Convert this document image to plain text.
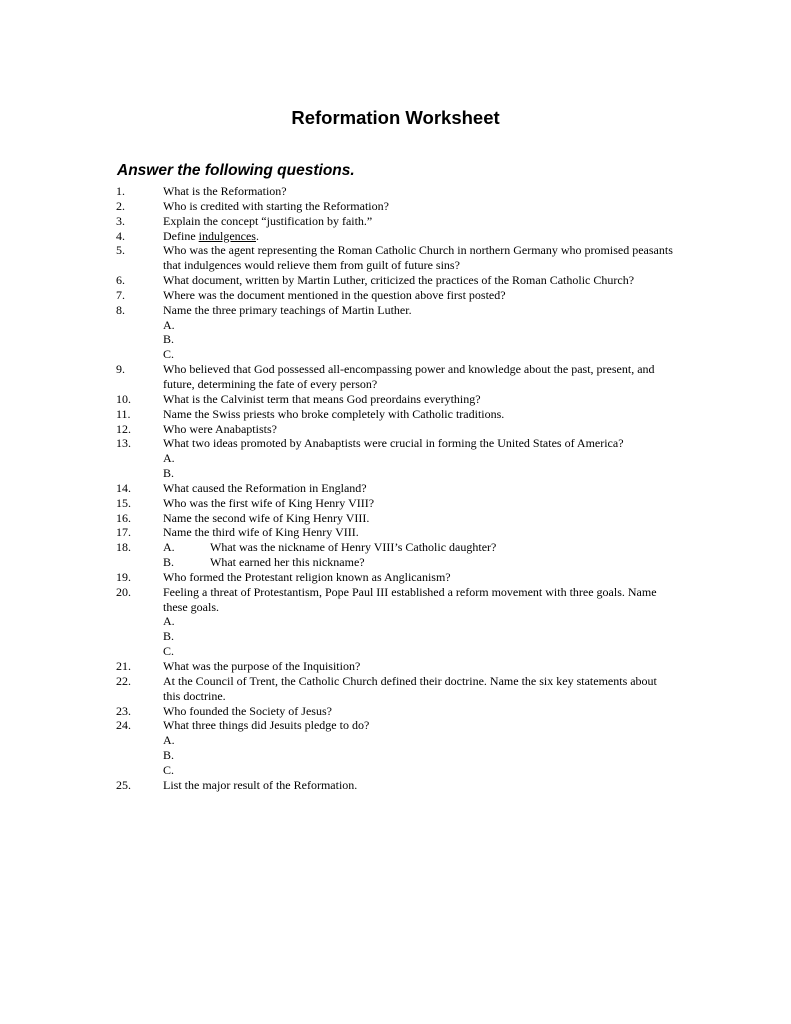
Reformation Worksheet
Answer the following questions.
1.	What is the Reformation?
2.	Who is credited with starting the Reformation?
3.	Explain the concept “justification by faith.”
4.	Define indulgences.
5.	Who was the agent representing the Roman Catholic Church in northern Germany who promised peasants that indulgences would relieve them from guilt of future sins?
6.	What document, written by Martin Luther, criticized the practices of the Roman Catholic Church?
7.	Where was the document mentioned in the question above first posted?
8.	Name the three primary teachings of Martin Luther.
A.
B.
C.
9.	Who believed that God possessed all-encompassing power and knowledge about the past, present, and future, determining the fate of every person?
10.	What is the Calvinist term that means God preordains everything?
11.	Name the Swiss priests who broke completely with Catholic traditions.
12.	Who were Anabaptists?
13.	What two ideas promoted by Anabaptists were crucial in forming the United States of America?
A.
B.
14.	What caused the Reformation in England?
15.	Who was the first wife of King Henry VIII?
16.	Name the second wife of King Henry VIII.
17.	Name the third wife of King Henry VIII.
18.	A.	What was the nickname of Henry VIII’s Catholic daughter?
B.	What earned her this nickname?
19.	Who formed the Protestant religion known as Anglicanism?
20.	Feeling a threat of Protestantism, Pope Paul III established a reform movement with three goals. Name these goals.
A.
B.
C.
21.	What was the purpose of the Inquisition?
22.	At the Council of Trent, the Catholic Church defined their doctrine. Name the six key statements about this doctrine.
23.	Who founded the Society of Jesus?
24.	What three things did Jesuits pledge to do?
A.
B.
C.
25.	List the major result of the Reformation.
